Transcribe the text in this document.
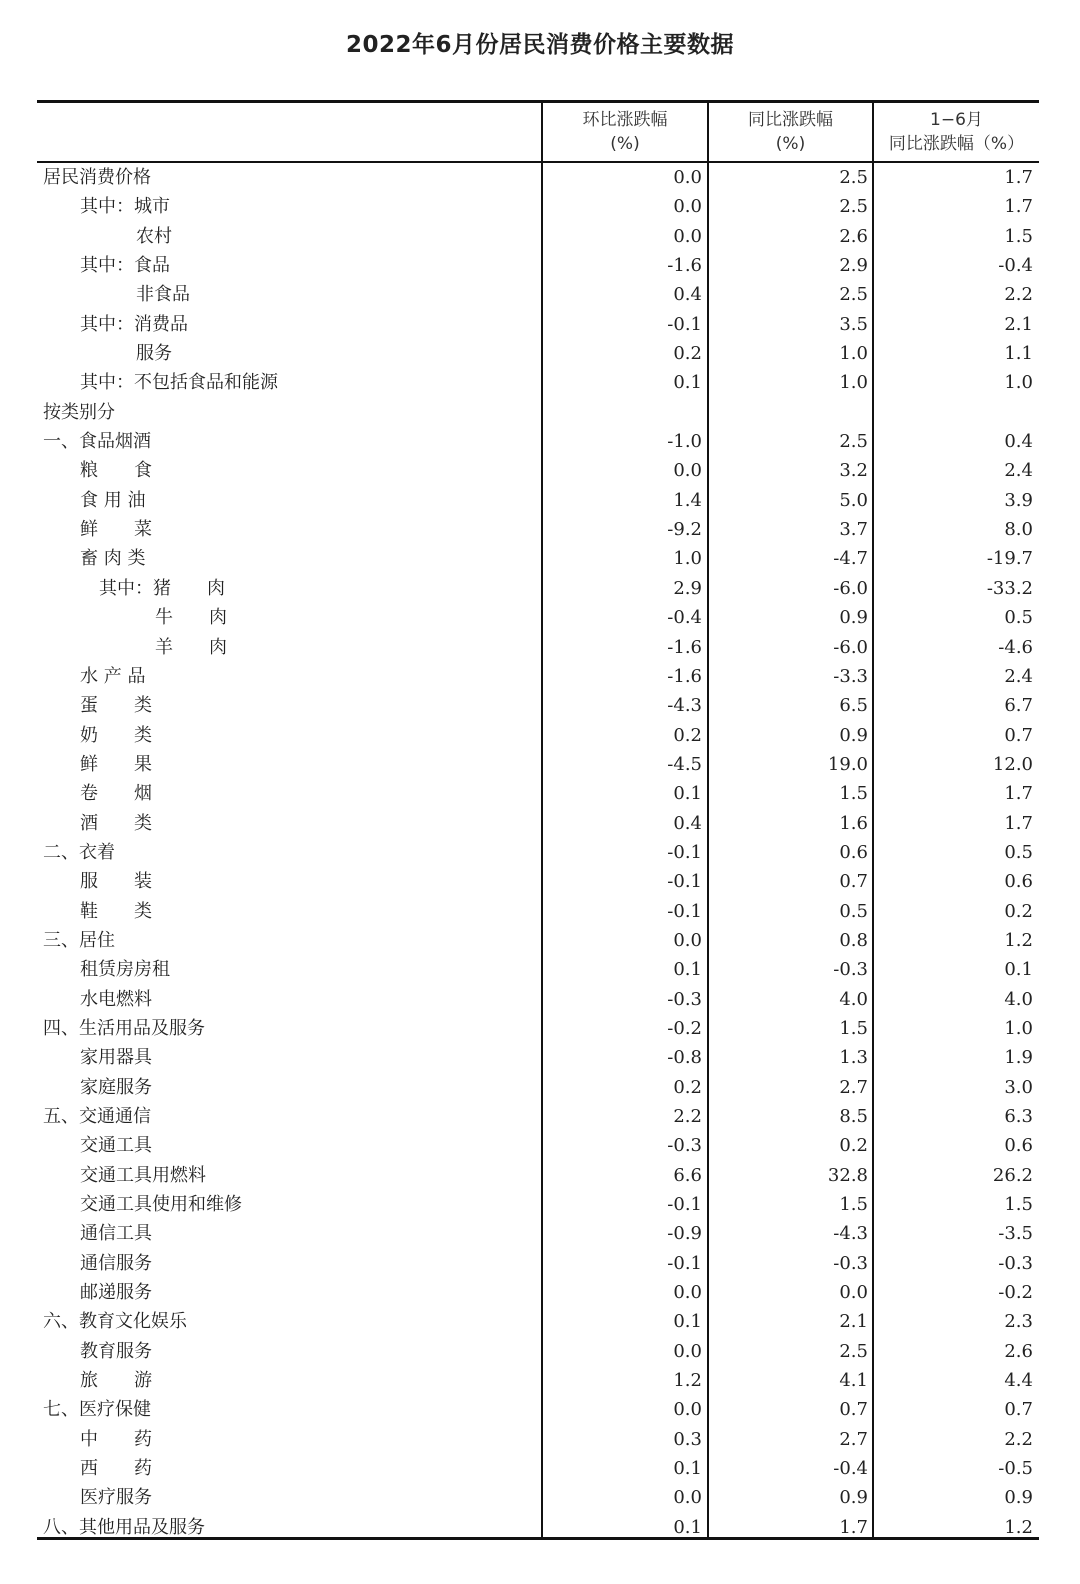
2022年6月份居民消费价格主要数据
环比涨跌幅
(%)
同比涨跌幅
(%)
1−6月
同比涨跌幅（%）
居民消费价格	0.0	2.5	1.7
其中：城市	0.0	2.5	1.7
农村	0.0	2.6	1.5
其中：食品	-1.6	2.9	-0.4
非食品	0.4	2.5	2.2
其中：消费品	-0.1	3.5	2.1
服务	0.2	1.0	1.1
其中：不包括食品和能源	0.1	1.0	1.0
按类别分
一、食品烟酒	-1.0	2.5	0.4
粮　　食	0.0	3.2	2.4
食 用 油	1.4	5.0	3.9
鲜　　菜	-9.2	3.7	8.0
畜 肉 类	1.0	-4.7	-19.7
其中：猪　　肉	2.9	-6.0	-33.2
牛　　肉	-0.4	0.9	0.5
羊　　肉	-1.6	-6.0	-4.6
水 产 品	-1.6	-3.3	2.4
蛋　　类	-4.3	6.5	6.7
奶　　类	0.2	0.9	0.7
鲜　　果	-4.5	19.0	12.0
卷　　烟	0.1	1.5	1.7
酒　　类	0.4	1.6	1.7
二、衣着	-0.1	0.6	0.5
服　　装	-0.1	0.7	0.6
鞋　　类	-0.1	0.5	0.2
三、居住	0.0	0.8	1.2
租赁房房租	0.1	-0.3	0.1
水电燃料	-0.3	4.0	4.0
四、生活用品及服务	-0.2	1.5	1.0
家用器具	-0.8	1.3	1.9
家庭服务	0.2	2.7	3.0
五、交通通信	2.2	8.5	6.3
交通工具	-0.3	0.2	0.6
交通工具用燃料	6.6	32.8	26.2
交通工具使用和维修	-0.1	1.5	1.5
通信工具	-0.9	-4.3	-3.5
通信服务	-0.1	-0.3	-0.3
邮递服务	0.0	0.0	-0.2
六、教育文化娱乐	0.1	2.1	2.3
教育服务	0.0	2.5	2.6
旅　　游	1.2	4.1	4.4
七、医疗保健	0.0	0.7	0.7
中　　药	0.3	2.7	2.2
西　　药	0.1	-0.4	-0.5
医疗服务	0.0	0.9	0.9
八、其他用品及服务	0.1	1.7	1.2
